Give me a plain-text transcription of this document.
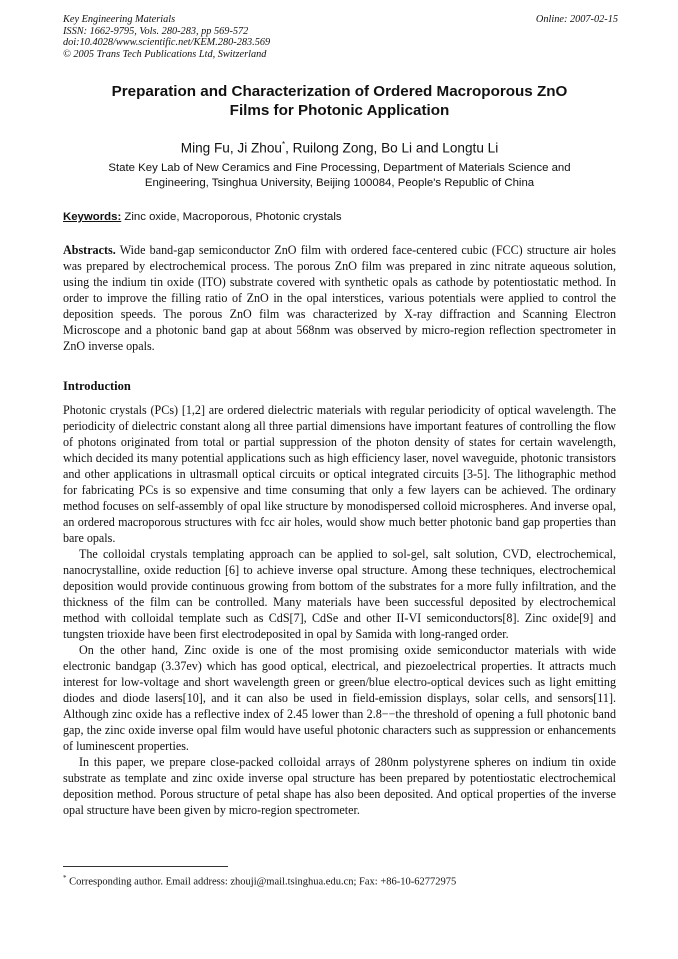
Key Engineering Materials
ISSN: 1662-9795, Vols. 280-283, pp 569-572
doi:10.4028/www.scientific.net/KEM.280-283.569
© 2005 Trans Tech Publications Ltd, Switzerland
Online: 2007-02-15
Preparation and Characterization of Ordered Macroporous ZnO
Films for Photonic Application
Ming Fu, Ji Zhou*, Ruilong Zong, Bo Li and Longtu Li
State Key Lab of New Ceramics and Fine Processing, Department of Materials Science and
Engineering, Tsinghua University, Beijing 100084, People's Republic of China
Keywords: Zinc oxide, Macroporous, Photonic crystals
Abstracts. Wide band-gap semiconductor ZnO film with ordered face-centered cubic (FCC) structure air holes was prepared by electrochemical process. The porous ZnO film was prepared in zinc nitrate aqueous solution, using the indium tin oxide (ITO) substrate covered with synthetic opals as cathode by potentiostatic method. In order to improve the filling ratio of ZnO in the opal interstices, various potentials were applied to control the deposition speeds. The porous ZnO film was characterized by X-ray diffraction and Scanning Electron Microscope and a photonic band gap at about 568nm was observed by micro-region reflection spectrometer in ZnO inverse opals.
Introduction

Photonic crystals (PCs) [1,2] are ordered dielectric materials with regular periodicity of optical wavelength. The periodicity of dielectric constant along all three partial dimensions have important features of controlling the flow of photons originated from total or partial suppression of the photon density of states for certain wavelength, which decided its many potential applications such as high efficiency laser, novel waveguide, photonic transistors and other applications in ultrasmall optical circuits or optical integrated circuits [3-5]. The lithographic method for fabricating PCs is so expensive and time consuming that only a few layers can be achieved. The ordinary method focuses on self-assembly of opal like structure by monodispersed colloid microspheres. And inverse opal, an ordered macroporous structures with fcc air holes, would show much better photonic band gap properties than bare opals.

The colloidal crystals templating approach can be applied to sol-gel, salt solution, CVD, electrochemical, nanocrystalline, oxide reduction [6] to achieve inverse opal structure. Among these techniques, electrochemical deposition would provide continuous growing from bottom of the substrates for a more fully infiltration, and the thickness of the film can be controlled. Many materials have been successful deposited by electrochemical method with colloidal template such as CdS[7], CdSe and other II-VI semiconductors[8]. Zinc oxide[9] and tungsten trioxide have been first electrodeposited in opal by Samida with long-ranged order.

On the other hand, Zinc oxide is one of the most promising oxide semiconductor materials with wide electronic bandgap (3.37ev) which has good optical, electrical, and piezoelectrical properties. It attracts much interest for low-voltage and short wavelength green or green/blue electro-optical devices such as light emitting diodes and diode lasers[10], and it can also be used in field-emission displays, solar cells, and sensors[11]. Although zinc oxide has a reflective index of 2.45 lower than 2.8−−the threshold of opening a full photonic band gap, the zinc oxide inverse opal film would have useful photonic characters such as suppression or enhancements of luminescent properties.

In this paper, we prepare close-packed colloidal arrays of 280nm polystyrene spheres on indium tin oxide substrate as template and zinc oxide inverse opal structure has been prepared by potentiostatic electrochemical deposition method. Porous structure of petal shape has also been deposited. And optical properties of the inverse opal structure have been given by micro-region spectrometer.

* Corresponding author. Email address: zhouji@mail.tsinghua.edu.cn; Fax: +86-10-62772975
